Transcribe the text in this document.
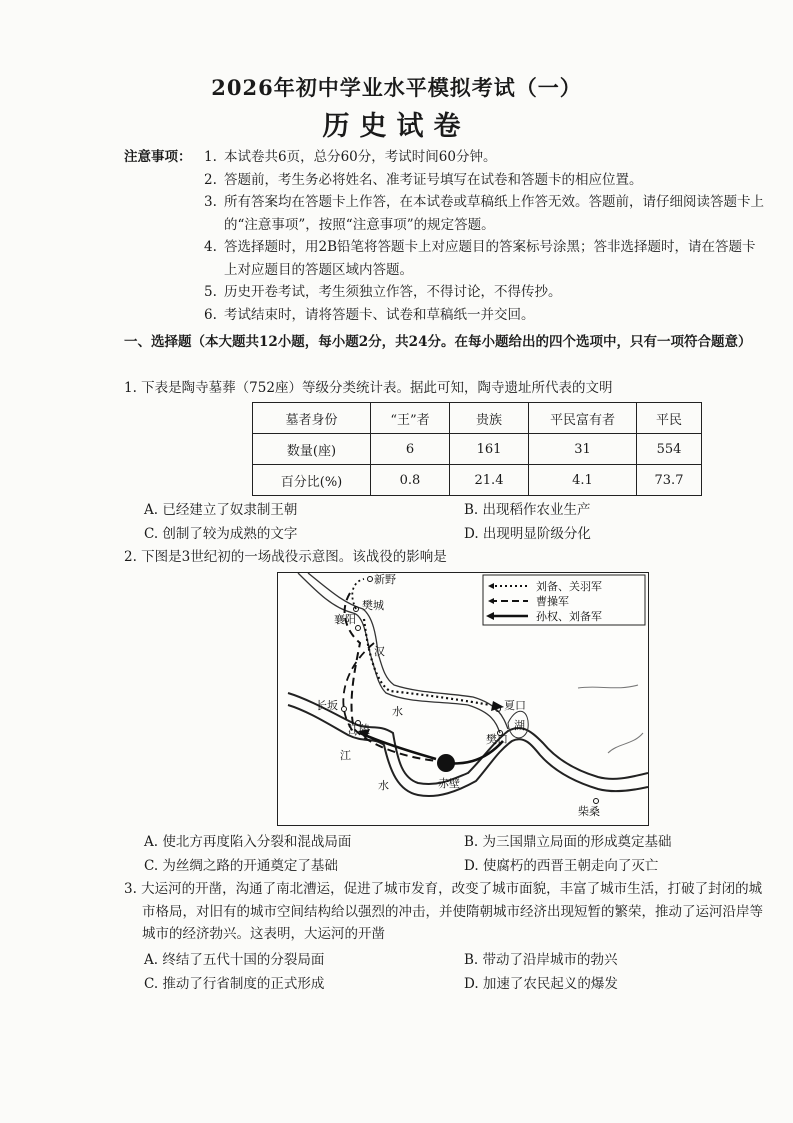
2026年初中学业水平模拟考试（一）
历史试卷
注意事项： 1. 本试卷共6页，总分60分，考试时间60分钟。
2. 答题前，考生务必将姓名、准考证号填写在试卷和答题卡的相应位置。
3. 所有答案均在答题卡上作答，在本试卷或草稿纸上作答无效。答题前，请仔细阅读答题卡上的“注意事项”，按照“注意事项”的规定答题。
4. 答选择题时，用2B铅笔将答题卡上对应题目的答案标号涂黑；答非选择题时，请在答题卡上对应题目的答题区域内答题。
5. 历史开卷考试，考生须独立作答，不得讨论，不得传抄。
6. 考试结束时，请将答题卡、试卷和草稿纸一并交回。
一、选择题（本大题共12小题，每小题2分，共24分。在每小题给出的四个选项中，只有一项符合题意）
1. 下表是陶寺墓葬（752座）等级分类统计表。据此可知，陶寺遗址所代表的文明
墓者身份	“王”者	贵族	平民富有者	平民
数量(座)	6	161	31	554
百分比(%)	0.8	21.4	4.1	73.7
A. 已经建立了奴隶制王朝	B. 出现稻作农业生产 C. 创制了较为成熟的文字	D. 出现明显阶级分化
2. 下图是3世纪初的一场战役示意图。该战役的影响是
新野
樊城
襄阳
汉
长坂	水	夏口
江陵
樊口
江
水	赤壁
柴桑
湖
刘备、关羽军
曹操军
孙权、刘备军
A. 使北方再度陷入分裂和混战局面	B. 为三国鼎立局面的形成奠定基础 C. 为丝绸之路的开通奠定了基础	D. 使腐朽的西晋王朝走向了灭亡
3. 大运河的开凿，沟通了南北漕运，促进了城市发育，改变了城市面貌，丰富了城市生活，打破了封闭的城市格局，对旧有的城市空间结构给以强烈的冲击，并使隋朝城市经济出现短暂的繁荣，推动了运河沿岸等城市的经济勃兴。这表明，大运河的开凿
A. 终结了五代十国的分裂局面	B. 带动了沿岸城市的勃兴 C. 推动了行省制度的正式形成	D. 加速了农民起义的爆发
